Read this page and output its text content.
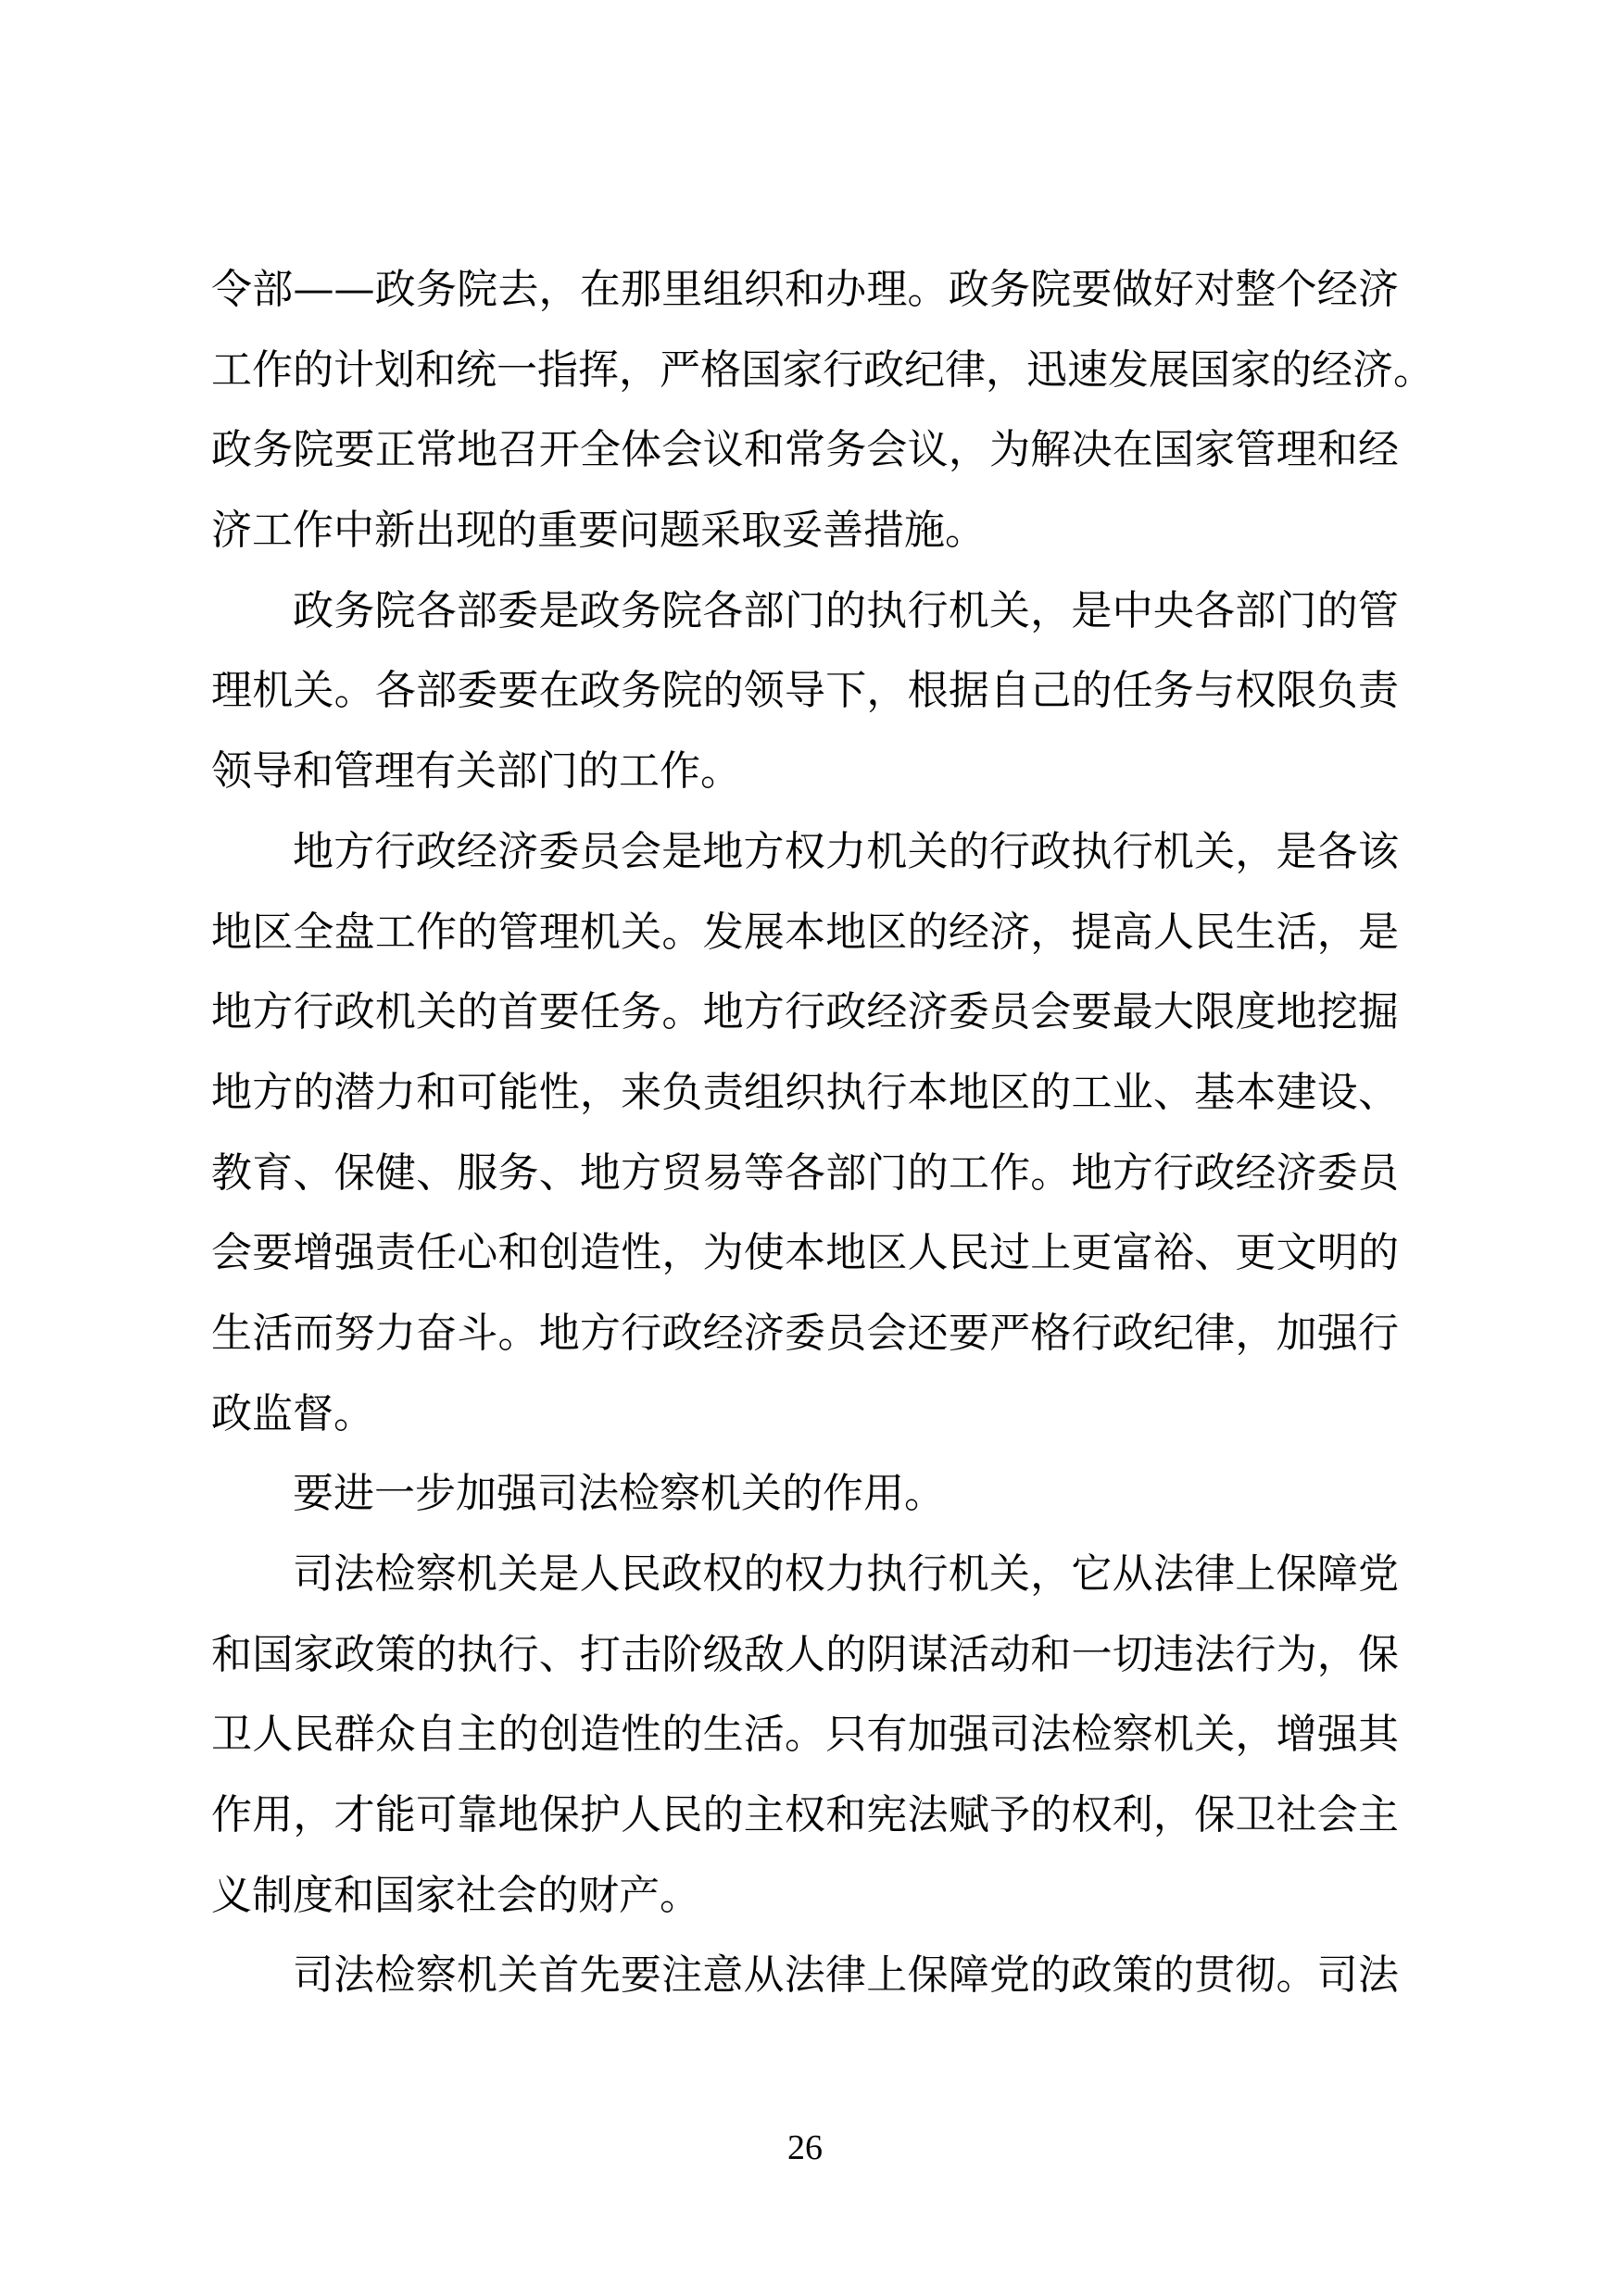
令部——政务院去，在那里组织和办理。政务院要做好对整个经济
工作的计划和统一指挥，严格国家行政纪律，迅速发展国家的经济。
政务院要正常地召开全体会议和常务会议，为解决在国家管理和经
济工作中新出现的重要问题采取妥善措施。
政务院各部委是政务院各部门的执行机关，是中央各部门的管
理机关。各部委要在政务院的领导下，根据自己的任务与权限负责
领导和管理有关部门的工作。
地方行政经济委员会是地方权力机关的行政执行机关，是各该
地区全盘工作的管理机关。发展本地区的经济，提高人民生活，是
地方行政机关的首要任务。地方行政经济委员会要最大限度地挖掘
地方的潜力和可能性，来负责组织执行本地区的工业、基本建设、
教育、保健、服务、地方贸易等各部门的工作。地方行政经济委员
会要增强责任心和创造性，为使本地区人民过上更富裕、更文明的
生活而努力奋斗。地方行政经济委员会还要严格行政纪律，加强行
政监督。
要进一步加强司法检察机关的作用。
司法检察机关是人民政权的权力执行机关，它从法律上保障党
和国家政策的执行、打击阶级敌人的阴谋活动和一切违法行为，保
卫人民群众自主的创造性的生活。只有加强司法检察机关，增强其
作用，才能可靠地保护人民的主权和宪法赋予的权利，保卫社会主
义制度和国家社会的财产。
司法检察机关首先要注意从法律上保障党的政策的贯彻。司法
26
